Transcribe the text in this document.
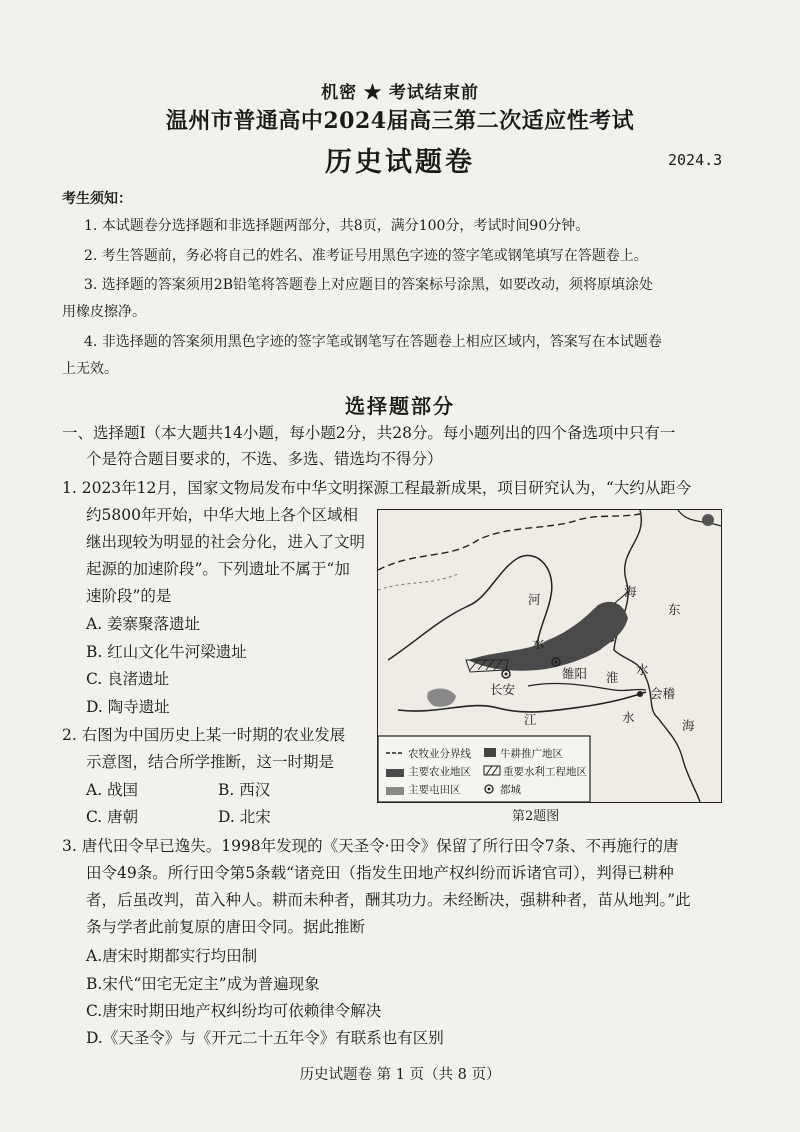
机密 ★ 考试结束前
温州市普通高中2024届高三第二次适应性考试
历史试题卷	2024.3
考生须知：
1. 本试题卷分选择题和非选择题两部分，共8页，满分100分，考试时间90分钟。
2. 考生答题前，务必将自己的姓名、准考证号用黑色字迹的签字笔或钢笔填写在答题卷上。
3. 选择题的答案须用2B铅笔将答题卷上对应题目的答案标号涂黑，如要改动，须将原填涂处
用橡皮擦净。
4. 非选择题的答案须用黑色字迹的签字笔或钢笔写在答题卷上相应区域内，答案写在本试题卷
上无效。
选择题部分
一、选择题Ⅰ（本大题共14小题，每小题2分，共28分。每小题列出的四个备选项中只有一
个是符合题目要求的，不选、多选、错选均不得分）
1. 2023年12月，国家文物局发布中华文明探源工程最新成果，项目研究认为，“大约从距今
约5800年开始，中华大地上各个区域相
继出现较为明显的社会分化，进入了文明
起源的加速阶段”。下列遗址不属于“加
速阶段”的是
A. 姜寨聚落遗址
B. 红山文化牛河梁遗址
C. 良渚遗址
D. 陶寺遗址
2. 右图为中国历史上某一时期的农业发展
示意图，结合所学推断，这一时期是
A. 战国	B. 西汉
C. 唐朝	D. 北宋
河
水
海
东
雒阳
长安
淮
水
会稽
江	水
海
农牧业分界线	牛耕推广地区
主要农业地区	重要水利工程地区
主要屯田区	都城
第2题图
3. 唐代田令早已逸失。1998年发现的《天圣令·田令》保留了所行田令7条、不再施行的唐
田令49条。所行田令第5条载“诸竞田（指发生田地产权纠纷而诉诸官司），判得已耕种
者，后虽改判，苗入种人。耕而未种者，酬其功力。未经断决，强耕种者，苗从地判。”此
条与学者此前复原的唐田令同。据此推断
A.唐宋时期都实行均田制
B.宋代“田宅无定主”成为普遍现象
C.唐宋时期田地产权纠纷均可依赖律令解决
D.《天圣令》与《开元二十五年令》有联系也有区别
历史试题卷 第 1 页（共 8 页）
